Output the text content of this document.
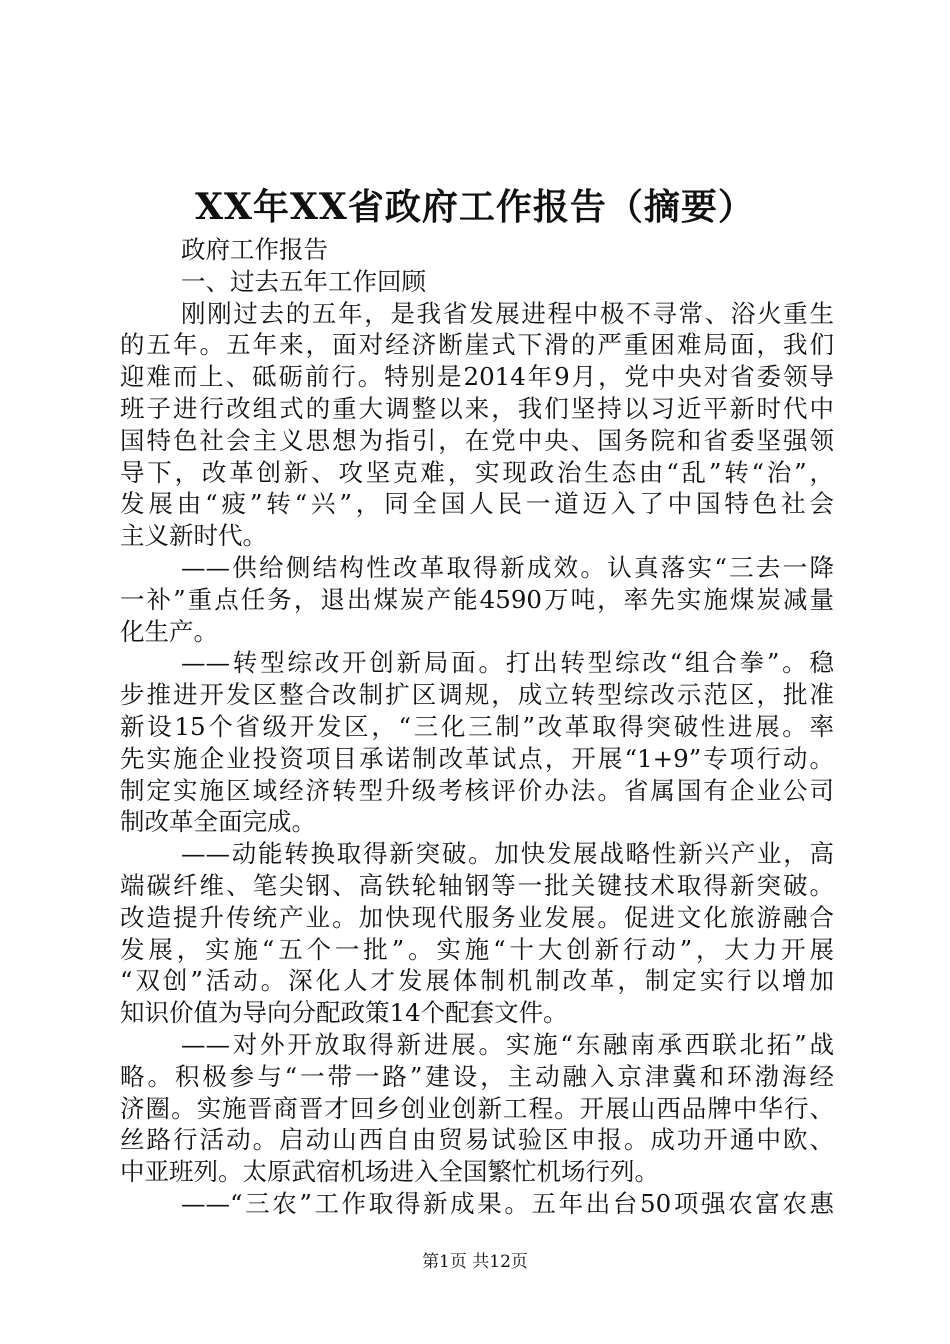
XX年XX省政府工作报告（摘要）
政府工作报告
一、过去五年工作回顾
刚刚过去的五年，是我省发展进程中极不寻常、浴火重生
的五年。五年来，面对经济断崖式下滑的严重困难局面，我们
迎难而上、砥砺前行。特别是2014年9月，党中央对省委领导
班子进行改组式的重大调整以来，我们坚持以习近平新时代中
国特色社会主义思想为指引，在党中央、国务院和省委坚强领
导下，改革创新、攻坚克难，实现政治生态由“乱”转“治”，
发展由“疲”转“兴”，同全国人民一道迈入了中国特色社会
主义新时代。
——供给侧结构性改革取得新成效。认真落实“三去一降
一补”重点任务，退出煤炭产能4590万吨，率先实施煤炭减量
化生产。
——转型综改开创新局面。打出转型综改“组合拳”。稳
步推进开发区整合改制扩区调规，成立转型综改示范区，批准
新设15个省级开发区，“三化三制”改革取得突破性进展。率
先实施企业投资项目承诺制改革试点，开展“1+9”专项行动。
制定实施区域经济转型升级考核评价办法。省属国有企业公司
制改革全面完成。
——动能转换取得新突破。加快发展战略性新兴产业，高
端碳纤维、笔尖钢、高铁轮轴钢等一批关键技术取得新突破。
改造提升传统产业。加快现代服务业发展。促进文化旅游融合
发展，实施“五个一批”。实施“十大创新行动”，大力开展
“双创”活动。深化人才发展体制机制改革，制定实行以增加
知识价值为导向分配政策14个配套文件。
——对外开放取得新进展。实施“东融南承西联北拓”战
略。积极参与“一带一路”建设，主动融入京津冀和环渤海经
济圈。实施晋商晋才回乡创业创新工程。开展山西品牌中华行、
丝路行活动。启动山西自由贸易试验区申报。成功开通中欧、
中亚班列。太原武宿机场进入全国繁忙机场行列。
——“三农”工作取得新成果。五年出台50项强农富农惠
第1页 共12页
